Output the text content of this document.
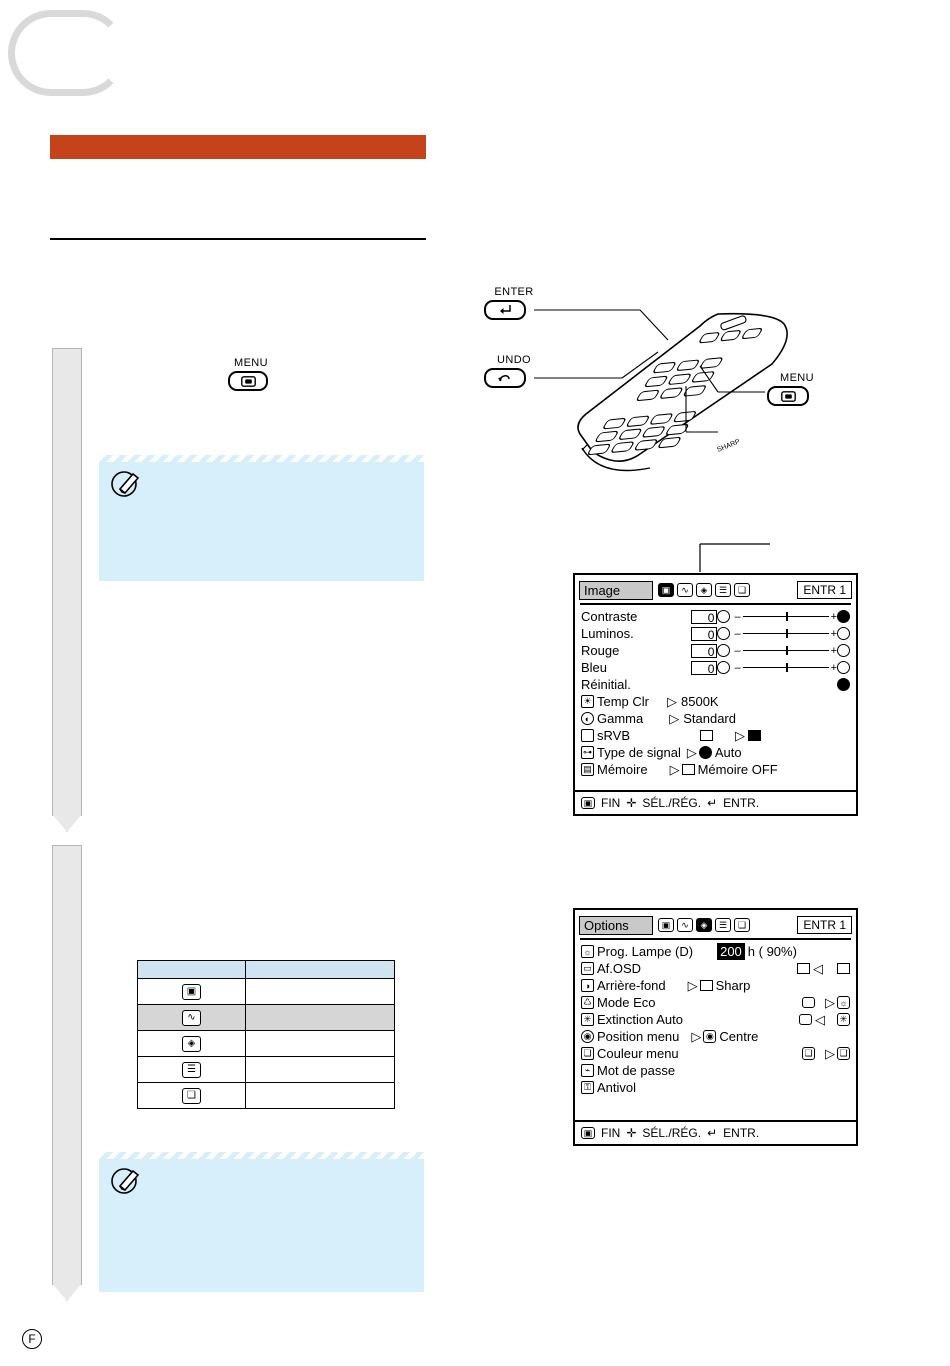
MENU
ENTER
UNDO
MENU
SHARP
Image	▣	∿	◈	☰	❏	ENTR 1
Contraste	0 –	+
Luminos.	0 –	+
Rouge	0 –	+
Bleu	0 –	+
Réinitial.
☀ Temp Clr ▷ 8500K
◐ Gamma ▷ Standard
sRVB	▷
⊶ Type de signal ▷ Auto
▤ Mémoire ▷ Mémoire OFF
▣ FIN ✛ SÉL./RÉG. ↵ ENTR.
Options	▣	∿	◈	☰	❏	ENTR 1
☼ Prog. Lampe (D) 200 h ( 90%)
▭ Af.OSD	◁
◑ Arrière-fond ▷ Sharp
♺ Mode Eco	▷ ☼
✳ Extinction Auto	◁	✳
◉ Position menu ▷ ◉ Centre
❏ Couleur menu	❏ ▷ ❏
⌁ Mot de passe
⚿ Antivol
▣ FIN ✛ SÉL./RÉG. ↵ ENTR.

▣	
∿	
◈	
☰	
❏	
F
